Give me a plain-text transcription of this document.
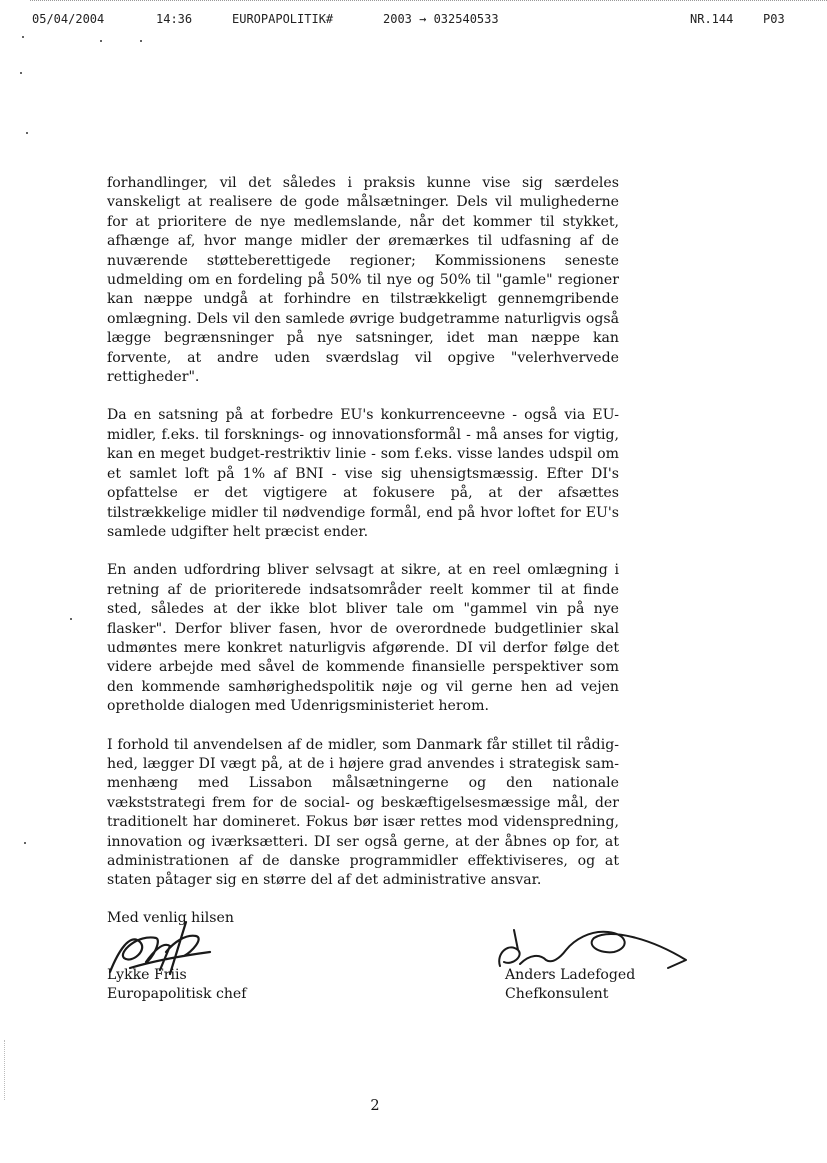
05/04/2004	14:36	EUROPAPOLITIK#	2003 → 032540533	NR.144 P03

forhandlinger, vil det således i praksis kunne vise sig særdeles vanskeligt at realisere de gode målsætninger. Dels vil mulighederne for at prioritere de nye medlemslande, når det kommer til stykket, afhænge af, hvor mange midler der øremærkes til udfasning af de nuværende støtteberettigede regioner; Kommissionens seneste udmelding om en fordeling på 50% til nye og 50% til "gamle" regioner kan næppe undgå at forhindre en tilstrækkeligt gennemgribende omlægning. Dels vil den samlede øvrige budgetramme naturligvis også lægge begrænsninger på nye satsninger, idet man næppe kan forvente, at andre uden sværdslag vil opgive "velerhvervede rettigheder".

Da en satsning på at forbedre EU's konkurrenceevne - også via EU-midler, f.eks. til forsknings- og innovationsformål - må anses for vigtig, kan en meget budget-restriktiv linie - som f.eks. visse landes udspil om et samlet loft på 1% af BNI - vise sig uhensigtsmæssig. Efter DI's opfattelse er det vigtigere at fokusere på, at der afsættes tilstrækkelige midler til nødvendige formål, end på hvor loftet for EU's samlede udgifter helt præcist ender.

En anden udfordring bliver selvsagt at sikre, at en reel omlægning i retning af de prioriterede indsatsområder reelt kommer til at finde sted, således at der ikke blot bliver tale om "gammel vin på nye flasker". Derfor bliver fasen, hvor de overordnede budgetlinier skal udmøntes mere konkret naturligvis afgørende. DI vil derfor følge det videre arbejde med såvel de kommende finansielle perspektiver som den kommende samhørighedspolitik nøje og vil gerne hen ad vejen opretholde dialogen med Udenrigsministeriet herom.

I forhold til anvendelsen af de midler, som Danmark får stillet til rådighed, lægger DI vægt på, at de i højere grad anvendes i strategisk sammenhæng med Lissabon målsætningerne og den nationale vækststrategi frem for de social- og beskæftigelsesmæssige mål, der traditionelt har domineret. Fokus bør især rettes mod videnspredning, innovation og iværksætteri. DI ser også gerne, at der åbnes op for, at administrationen af de danske programmidler effektiviseres, og at staten påtager sig en større del af det administrative ansvar.

Med venlig hilsen
Lykke Friis
Europapolitisk chef
Anders Ladefoged
Chefkonsulent
2
